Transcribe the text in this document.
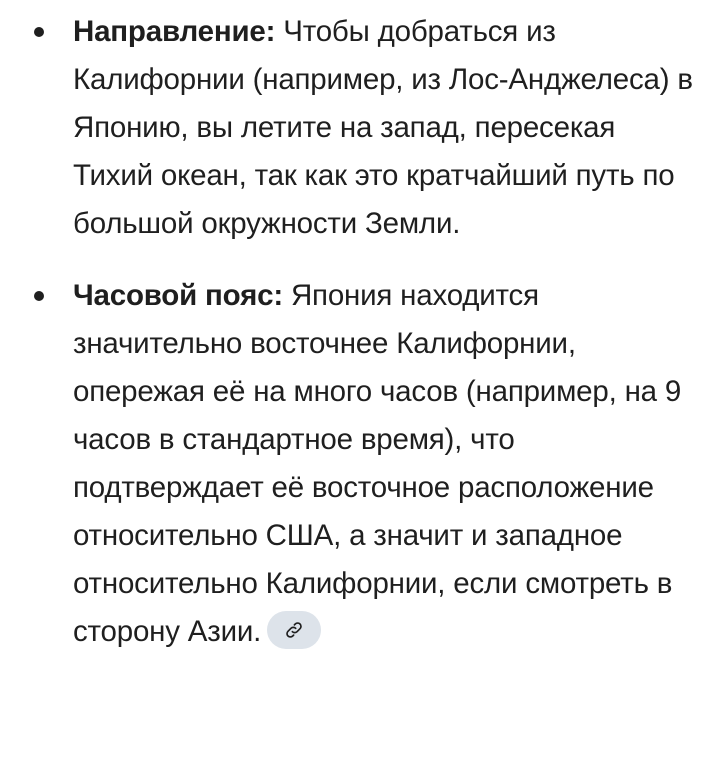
Направление: Чтобы добраться из Калифорнии (например, из Лос-Анджелеса) в Японию, вы летите на запад, пересекая Тихий океан, так как это кратчайший путь по большой окружности Земли.
Часовой пояс: Япония находится значительно восточнее Калифорнии, опережая её на много часов (например, на 9 часов в стандартное время), что подтверждает её восточное расположение относительно США, а значит и западное относительно Калифорнии, если смотреть в сторону Азии.
